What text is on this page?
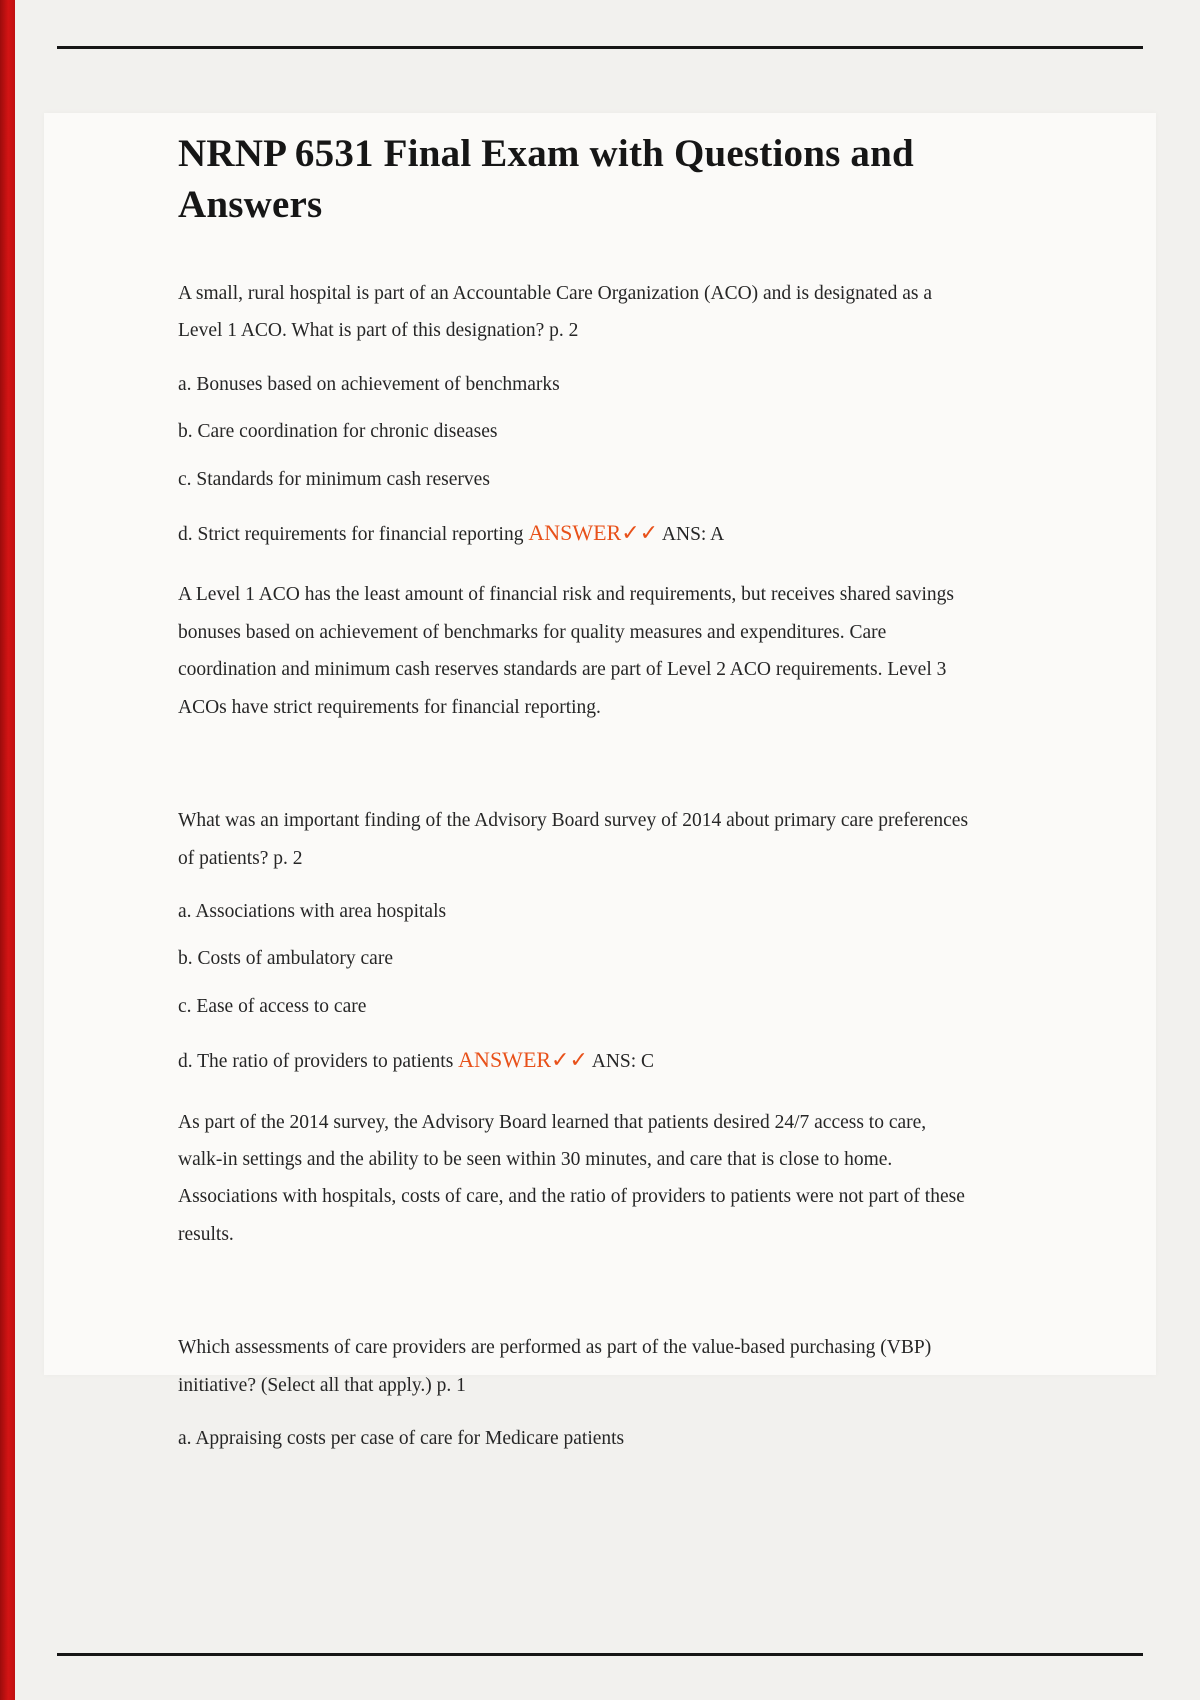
NRNP 6531 Final Exam with Questions and Answers

A small, rural hospital is part of an Accountable Care Organization (ACO) and is designated as a Level 1 ACO. What is part of this designation? p. 2

a. Bonuses based on achievement of benchmarks

b. Care coordination for chronic diseases

c. Standards for minimum cash reserves

d. Strict requirements for financial reporting ANSWER✓✓ ANS: A

A Level 1 ACO has the least amount of financial risk and requirements, but receives shared savings bonuses based on achievement of benchmarks for quality measures and expenditures. Care coordination and minimum cash reserves standards are part of Level 2 ACO requirements. Level 3 ACOs have strict requirements for financial reporting.

What was an important finding of the Advisory Board survey of 2014 about primary care preferences of patients? p. 2

a. Associations with area hospitals

b. Costs of ambulatory care

c. Ease of access to care

d. The ratio of providers to patients ANSWER✓✓ ANS: C

As part of the 2014 survey, the Advisory Board learned that patients desired 24/7 access to care, walk-in settings and the ability to be seen within 30 minutes, and care that is close to home. Associations with hospitals, costs of care, and the ratio of providers to patients were not part of these results.

Which assessments of care providers are performed as part of the value-based purchasing (VBP) initiative? (Select all that apply.) p. 1

a. Appraising costs per case of care for Medicare patients
